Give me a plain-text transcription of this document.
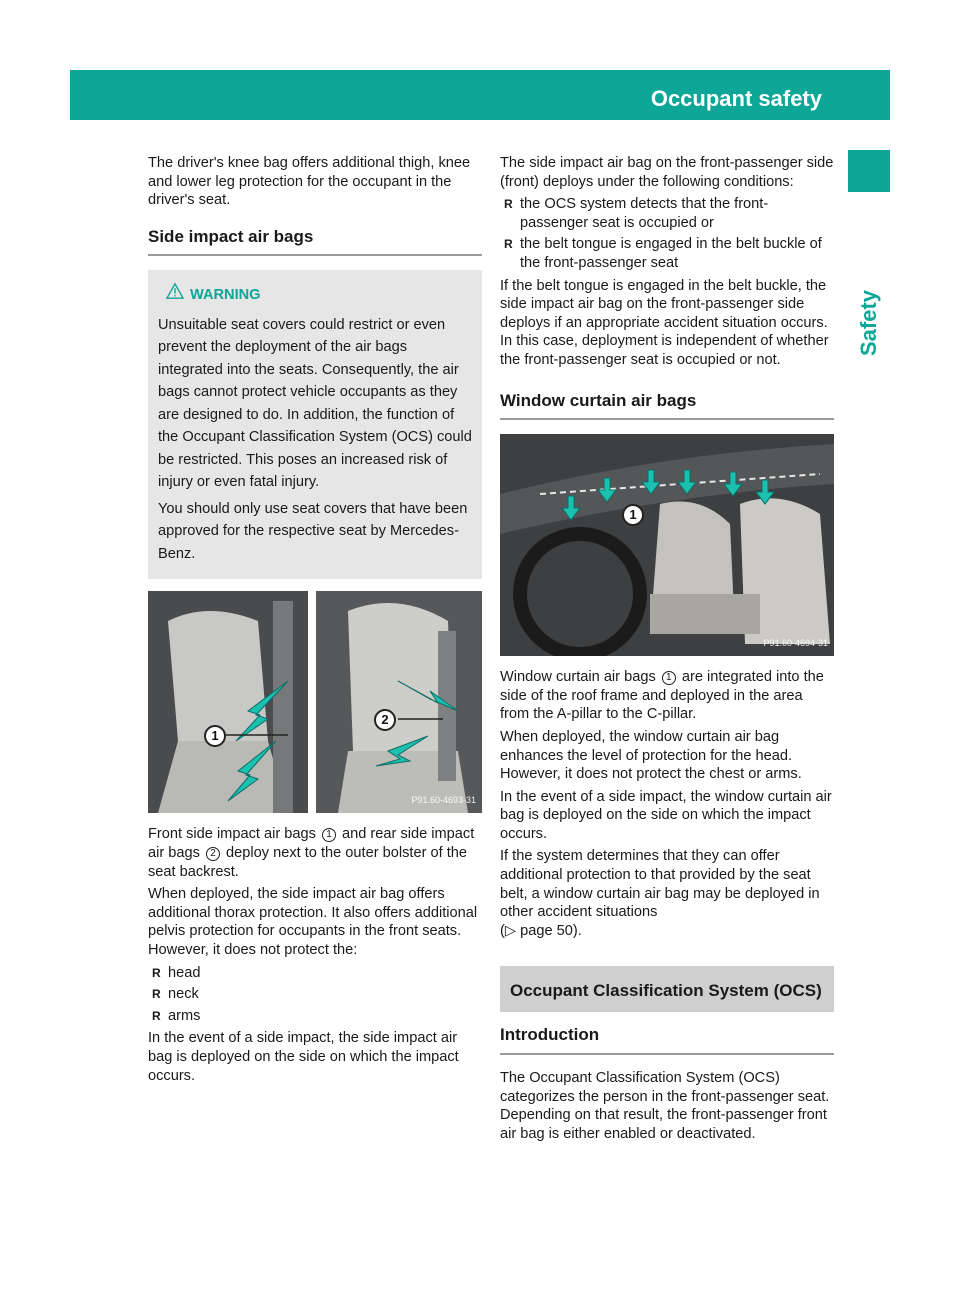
Occupant safety	45
Safety

The driver's knee bag offers additional thigh, knee and lower leg protection for the occupant in the driver's seat.

Side impact air bags
WARNING

Unsuitable seat covers could restrict or even prevent the deployment of the air bags integrated into the seats. Consequently, the air bags cannot protect vehicle occupants as they are designed to do. In addition, the function of the Occupant Classification System (OCS) could be restricted. This poses an increased risk of injury or even fatal injury.

You should only use seat covers that have been approved for the respective seat by Mercedes-Benz.

1
2
P91.60-4693-31

Front side impact air bags 1 and rear side impact air bags 2 deploy next to the outer bolster of the seat backrest.

When deployed, the side impact air bag offers additional thorax protection. It also offers additional pelvis protection for occupants in the front seats. However, it does not protect the:

R head
R neck
R arms

In the event of a side impact, the side impact air bag is deployed on the side on which the impact occurs.

The side impact air bag on the front-passenger side (front) deploys under the following conditions:

R the OCS system detects that the front-passenger seat is occupied or
R the belt tongue is engaged in the belt buckle of the front-passenger seat

If the belt tongue is engaged in the belt buckle, the side impact air bag on the front-passenger side deploys if an appropriate accident situation occurs. In this case, deployment is independent of whether the front-passenger seat is occupied or not.

Window curtain air bags
1
P91.60-4694-31

Window curtain air bags 1 are integrated into the side of the roof frame and deployed in the area from the A-pillar to the C-pillar.

When deployed, the window curtain air bag enhances the level of protection for the head. However, it does not protect the chest or arms.

In the event of a side impact, the window curtain air bag is deployed on the side on which the impact occurs.

If the system determines that they can offer additional protection to that provided by the seat belt, a window curtain air bag may be deployed in other accident situations
(▷ page 50).

Occupant Classification System (OCS)
Introduction

The Occupant Classification System (OCS) categorizes the person in the front-passenger seat. Depending on that result, the front-passenger front air bag is either enabled or deactivated.
